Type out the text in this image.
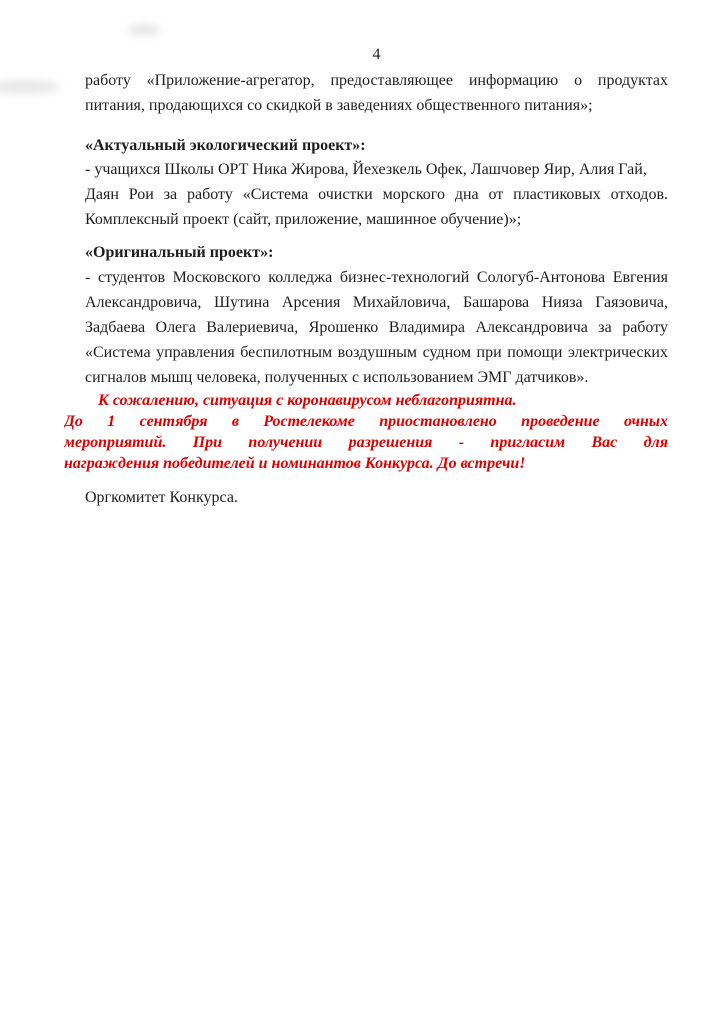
4
работу «Приложение-агрегатор, предоставляющее информацию о продуктах
питания, продающихся со скидкой в заведениях общественного питания»;
«Актуальный экологический проект»:
- учащихся Школы ОРТ Ника Жирова, Йехезкель Офек, Лашчовер Яир, Алия Гай,
Даян Рои за работу «Система очистки морского дна от пластиковых отходов.
Комплексный проект (сайт, приложение, машинное обучение)»;
«Оригинальный проект»:
- студентов Московского колледжа бизнес-технологий Сологуб-Антонова Евгения
Александровича, Шутина Арсения Михайловича, Башарова Нияза Гаязовича,
Задбаева Олега Валериевича, Ярошенко Владимира Александровича за работу
«Система управления беспилотным воздушным судном при помощи электрических
сигналов мышц человека, полученных с использованием ЭМГ датчиков».
К сожалению, ситуация с коронавирусом неблагоприятна.
До 1 сентября в Ростелекоме приостановлено проведение очных
мероприятий. При получении разрешения - пригласим Вас для
награждения победителей и номинантов Конкурса. До встречи!
Оргкомитет Конкурса.
